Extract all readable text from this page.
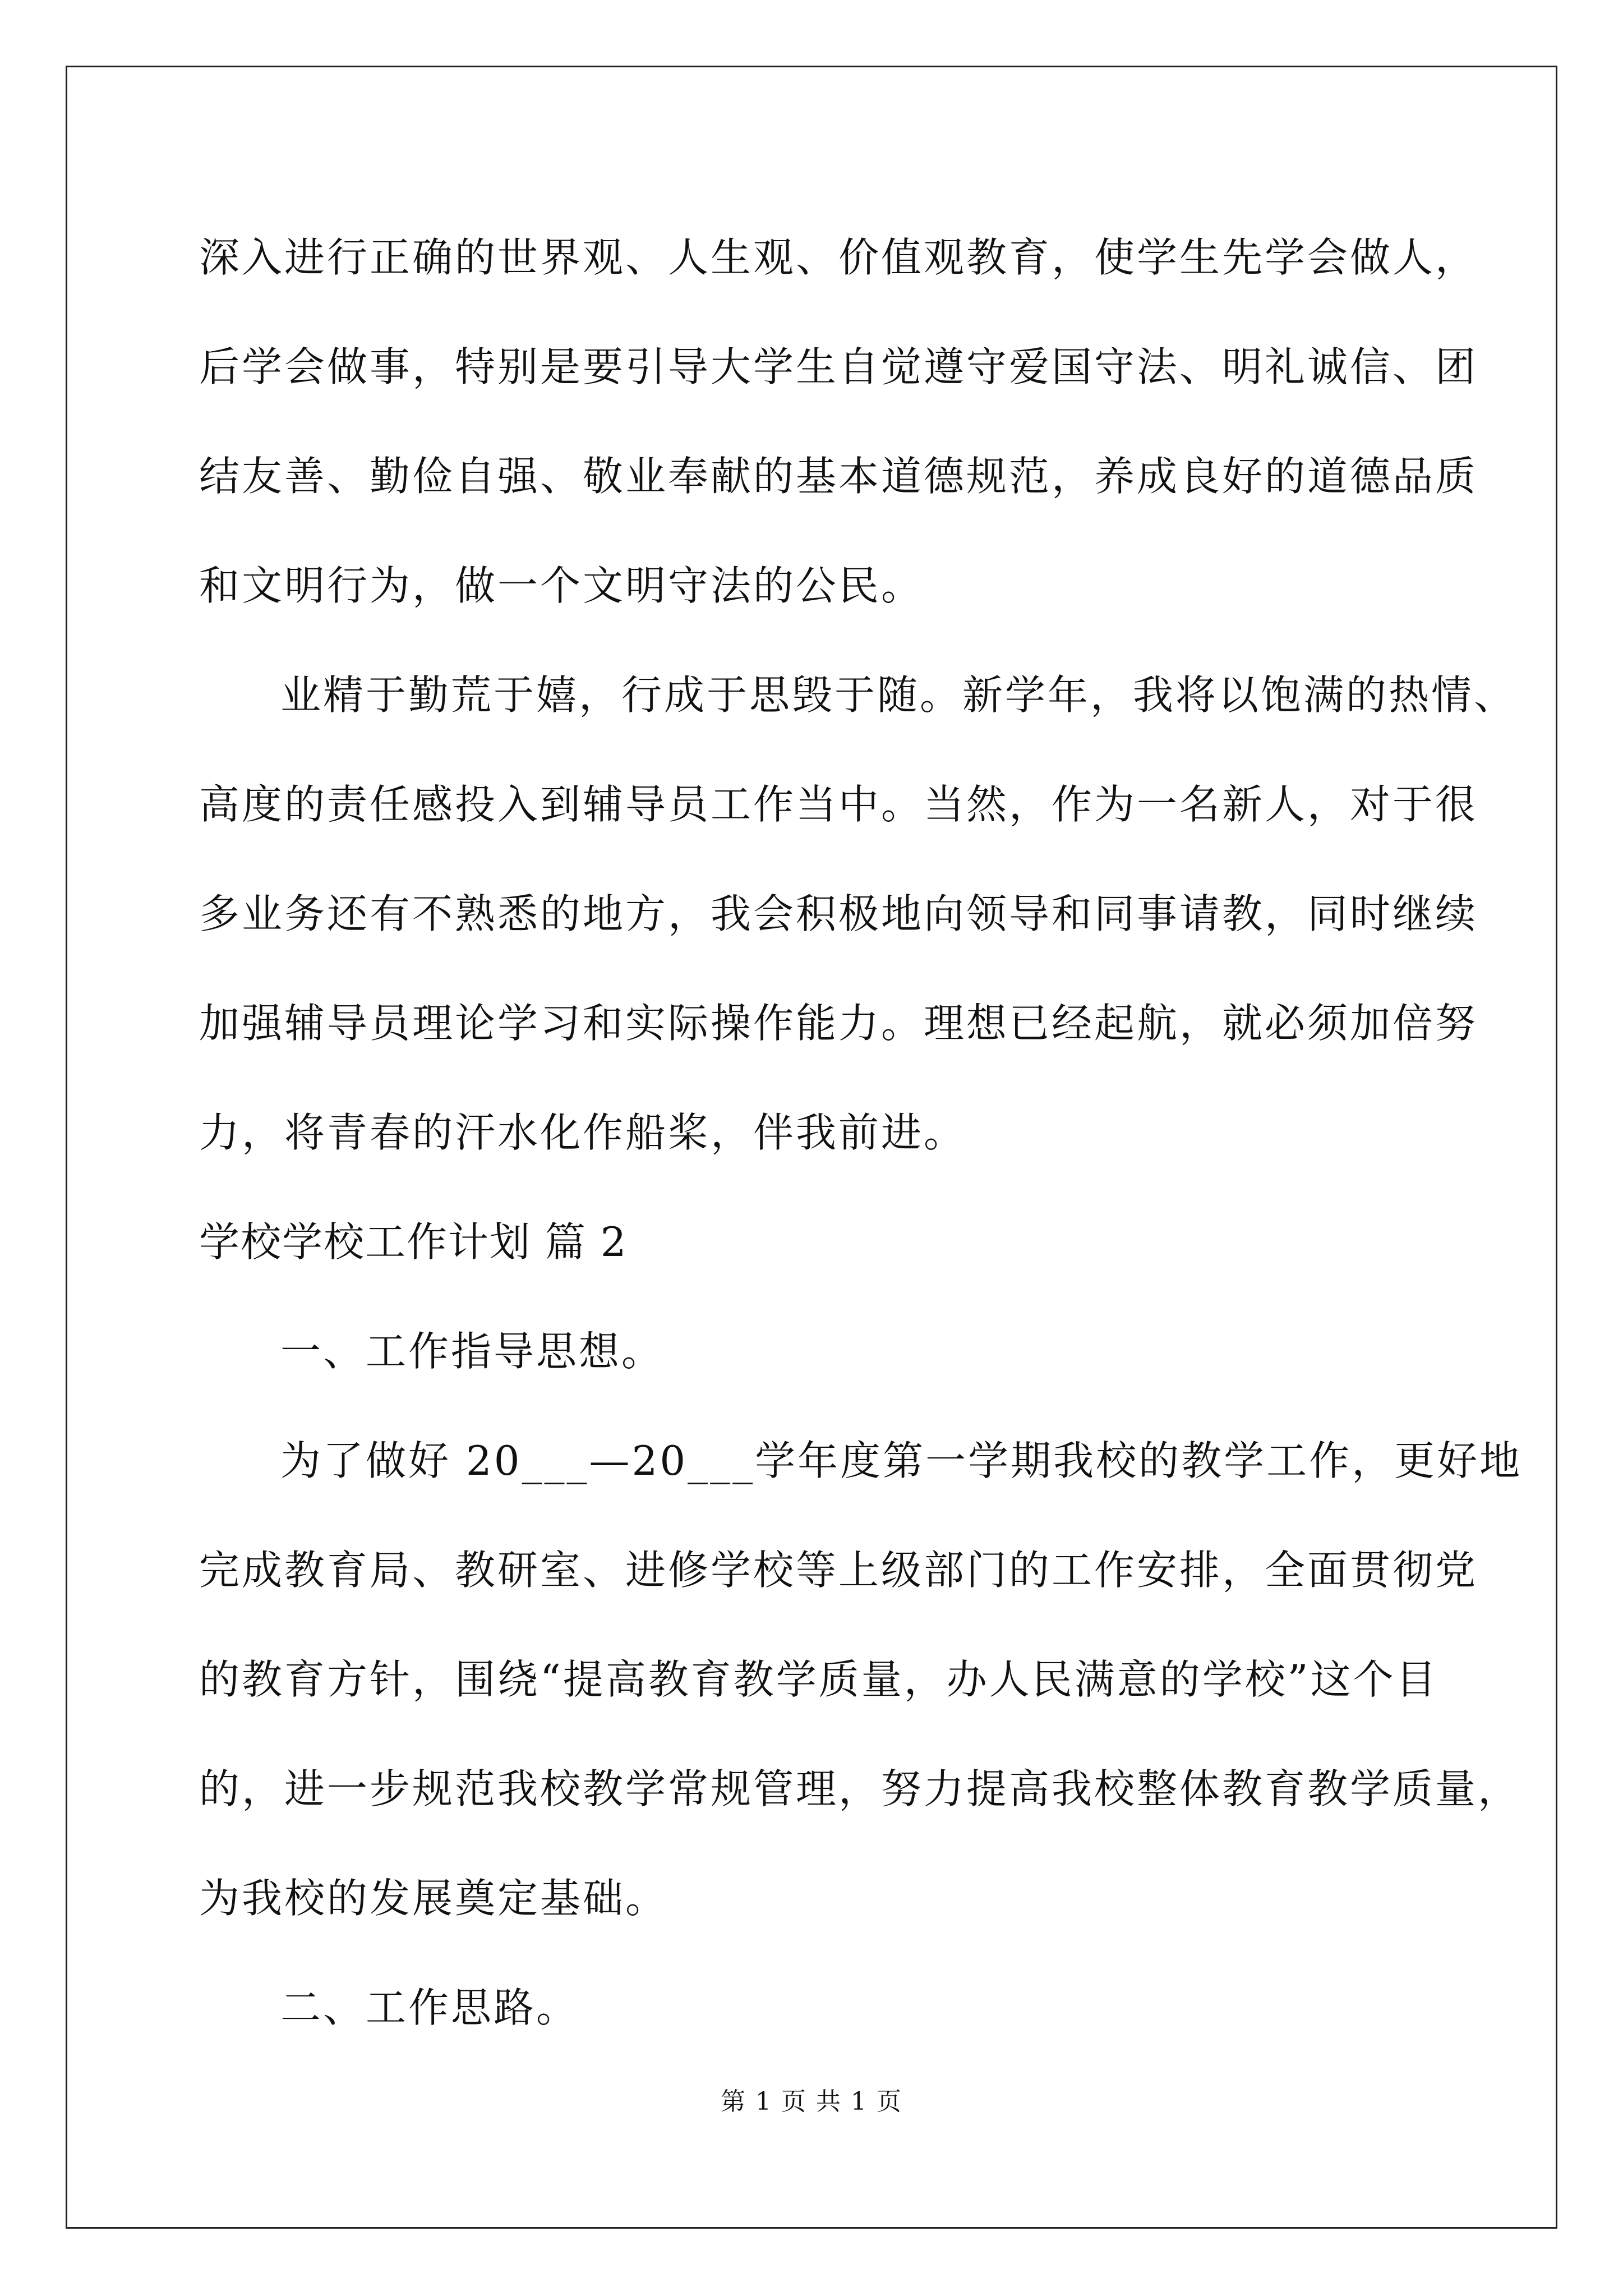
深入进行正确的世界观、人生观、价值观教育，使学生先学会做人，

后学会做事，特别是要引导大学生自觉遵守爱国守法、明礼诚信、团

结友善、勤俭自强、敬业奉献的基本道德规范，养成良好的道德品质

和文明行为，做一个文明守法的公民。

业精于勤荒于嬉，行成于思毁于随。新学年，我将以饱满的热情、

高度的责任感投入到辅导员工作当中。当然，作为一名新人，对于很

多业务还有不熟悉的地方，我会积极地向领导和同事请教，同时继续

加强辅导员理论学习和实际操作能力。理想已经起航，就必须加倍努

力，将青春的汗水化作船桨，伴我前进。

学校学校工作计划 篇 2

一、工作指导思想。

为了做好 20___—20___学年度第一学期我校的教学工作，更好地

完成教育局、教研室、进修学校等上级部门的工作安排，全面贯彻党

的教育方针，围绕“提高教育教学质量，办人民满意的学校”这个目

的，进一步规范我校教学常规管理，努力提高我校整体教育教学质量，

为我校的发展奠定基础。

二、工作思路。

第 1 页 共 1 页
